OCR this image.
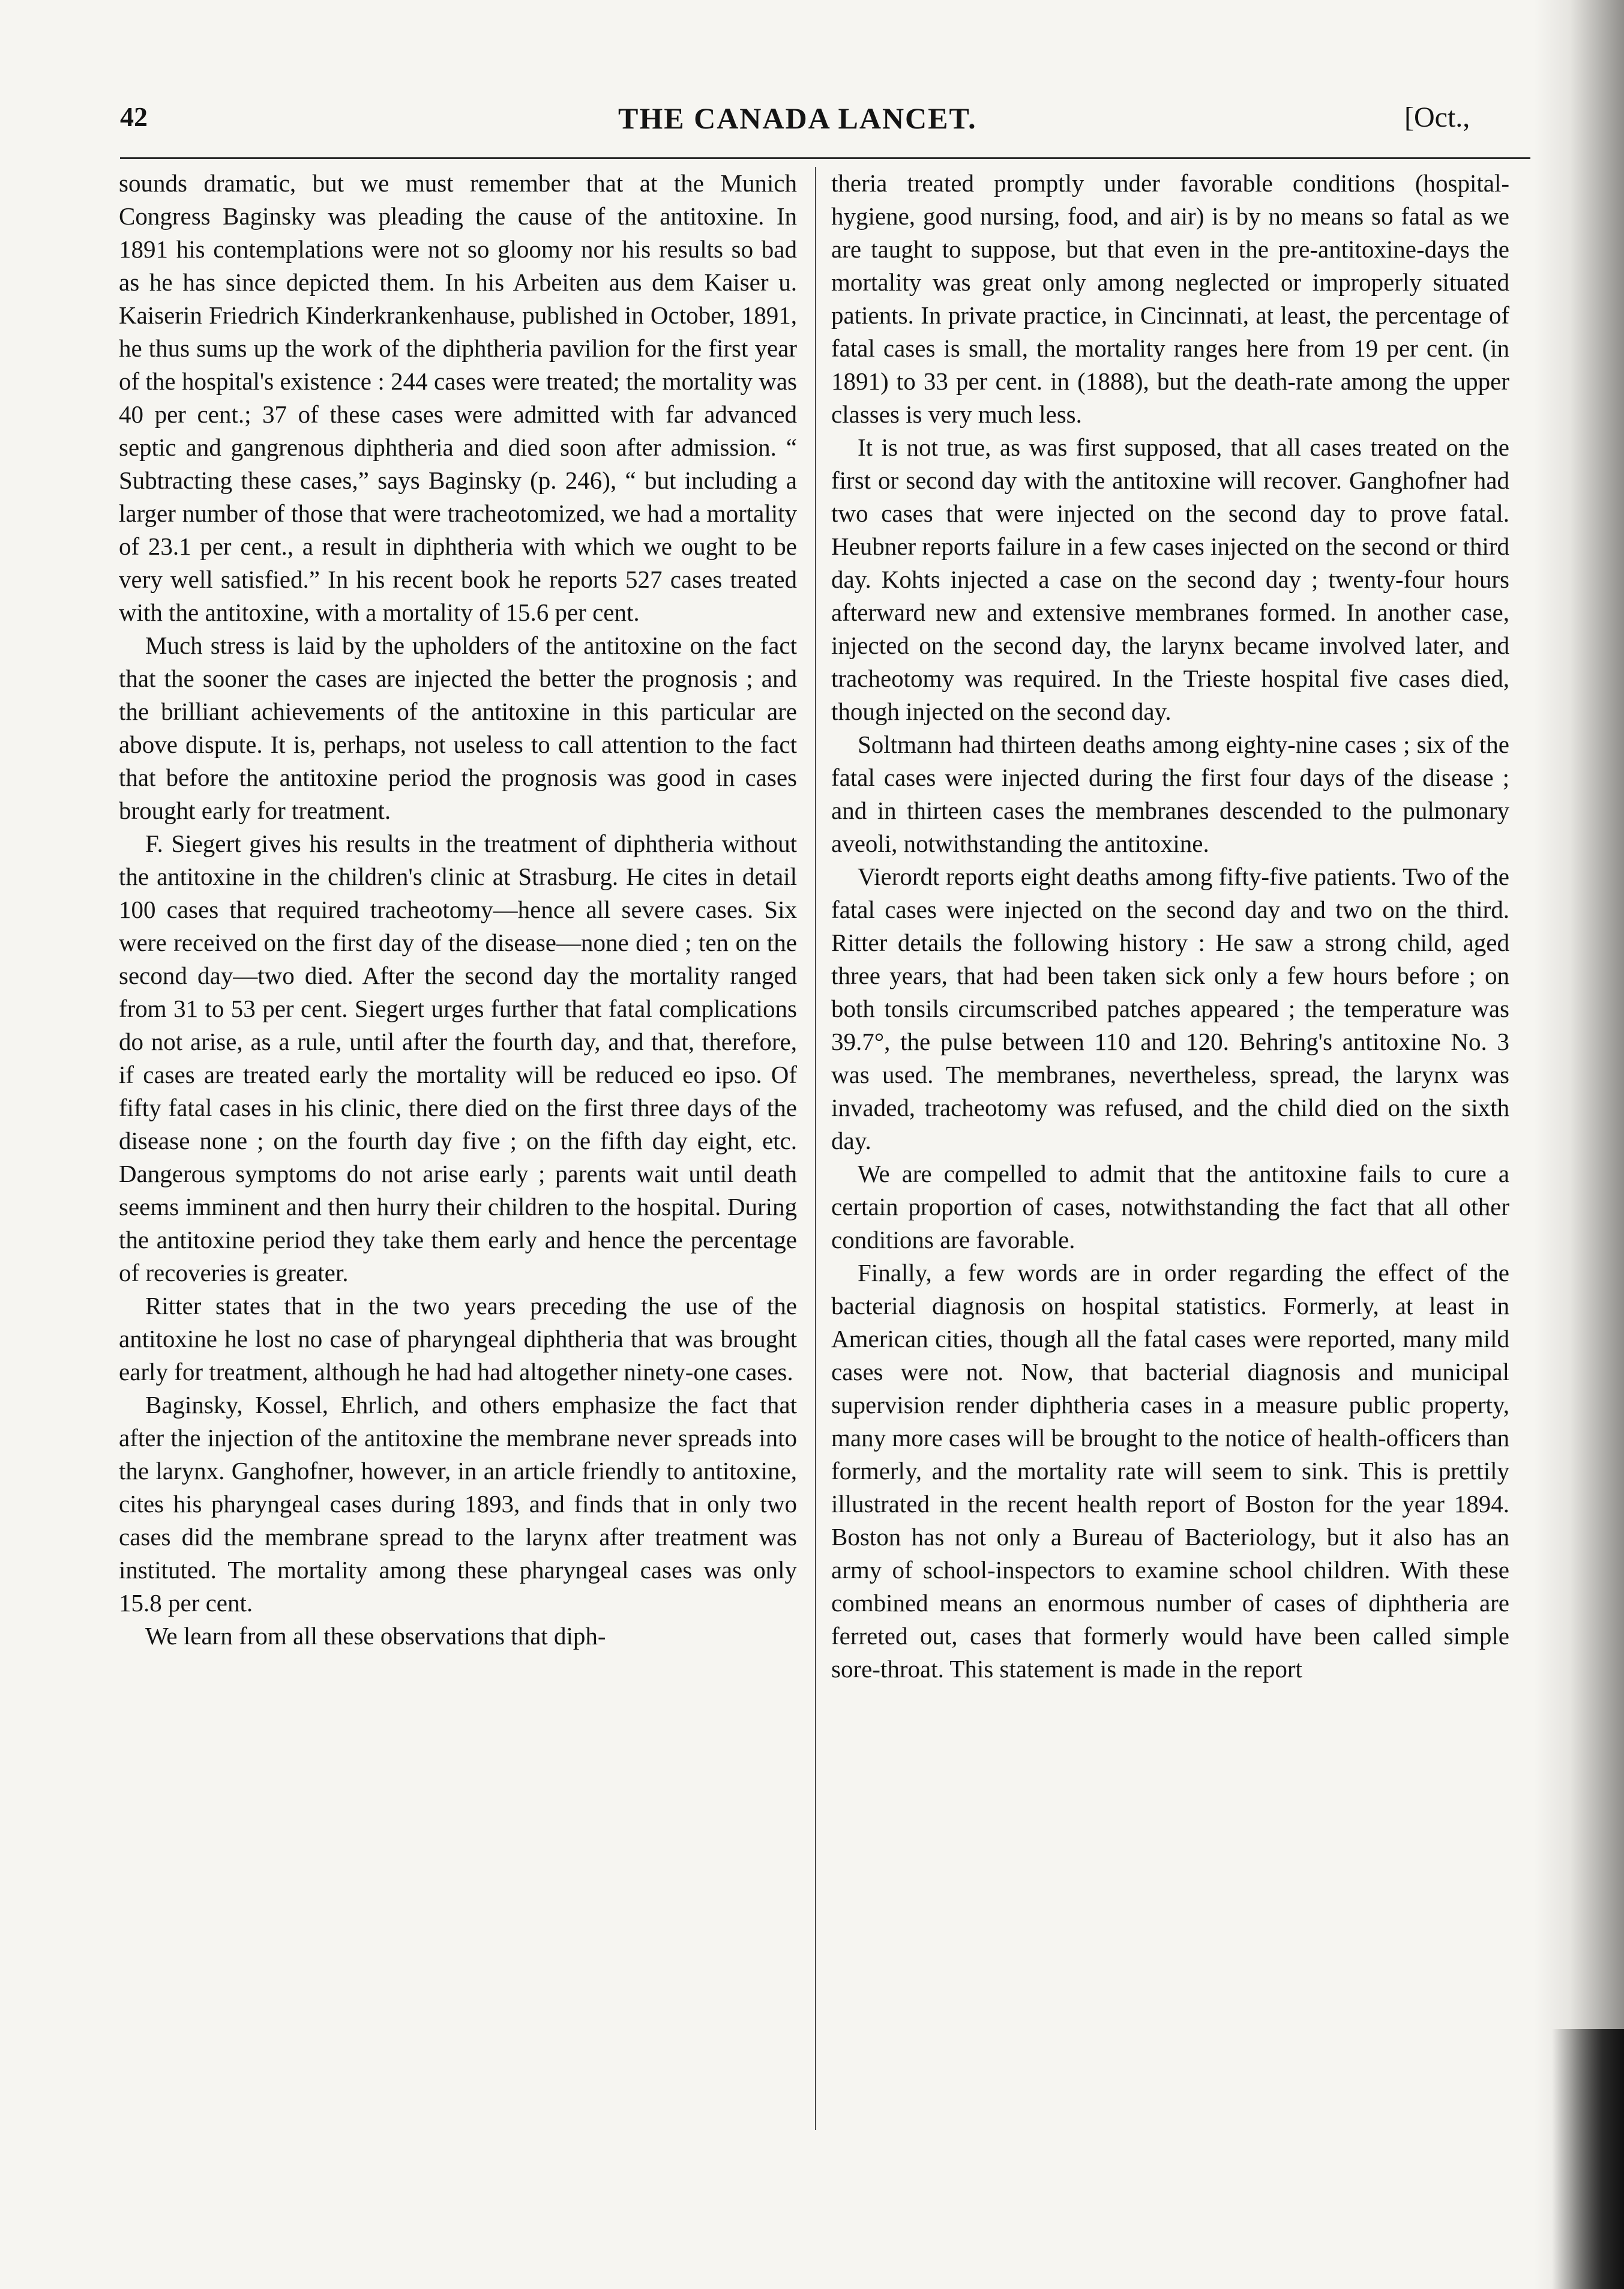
42	THE CANADA LANCET.	[Oct.,

sounds dramatic, but we must remember that at the Munich Congress Baginsky was pleading the cause of the antitoxine. In 1891 his contemplations were not so gloomy nor his results so bad as he has since depicted them. In his Arbeiten aus dem Kaiser u. Kaiserin Friedrich Kinderkrankenhause, published in October, 1891, he thus sums up the work of the diphtheria pavilion for the first year of the hospital's existence : 244 cases were treated; the mortality was 40 per cent.; 37 of these cases were admitted with far advanced septic and gangrenous diphtheria and died soon after admission. “ Subtracting these cases,” says Baginsky (p. 246), “ but including a larger number of those that were tracheotomized, we had a mortality of 23.1 per cent., a result in diphtheria with which we ought to be very well satisfied.” In his recent book he reports 527 cases treated with the antitoxine, with a mortality of 15.6 per cent.

Much stress is laid by the upholders of the antitoxine on the fact that the sooner the cases are injected the better the prognosis ; and the brilliant achievements of the antitoxine in this particular are above dispute. It is, perhaps, not useless to call attention to the fact that before the antitoxine period the prognosis was good in cases brought early for treatment.

F. Siegert gives his results in the treatment of diphtheria without the antitoxine in the children's clinic at Strasburg. He cites in detail 100 cases that required tracheotomy—hence all severe cases. Six were received on the first day of the disease—none died ; ten on the second day—two died. After the second day the mortality ranged from 31 to 53 per cent. Siegert urges further that fatal complications do not arise, as a rule, until after the fourth day, and that, therefore, if cases are treated early the mortality will be reduced eo ipso. Of fifty fatal cases in his clinic, there died on the first three days of the disease none ; on the fourth day five ; on the fifth day eight, etc. Dangerous symptoms do not arise early ; parents wait until death seems imminent and then hurry their children to the hospital. During the antitoxine period they take them early and hence the percentage of recoveries is greater.

Ritter states that in the two years preceding the use of the antitoxine he lost no case of pharyngeal diphtheria that was brought early for treatment, although he had had altogether ninety-one cases.

Baginsky, Kossel, Ehrlich, and others emphasize the fact that after the injection of the antitoxine the membrane never spreads into the larynx. Ganghofner, however, in an article friendly to antitoxine, cites his pharyngeal cases during 1893, and finds that in only two cases did the membrane spread to the larynx after treatment was instituted. The mortality among these pharyngeal cases was only 15.8 per cent.

We learn from all these observations that diph-

theria treated promptly under favorable conditions (hospital-hygiene, good nursing, food, and air) is by no means so fatal as we are taught to suppose, but that even in the pre-antitoxine-days the mortality was great only among neglected or improperly situated patients. In private practice, in Cincinnati, at least, the percentage of fatal cases is small, the mortality ranges here from 19 per cent. (in 1891) to 33 per cent. in (1888), but the death-rate among the upper classes is very much less.

It is not true, as was first supposed, that all cases treated on the first or second day with the antitoxine will recover. Ganghofner had two cases that were injected on the second day to prove fatal. Heubner reports failure in a few cases injected on the second or third day. Kohts injected a case on the second day ; twenty-four hours afterward new and extensive membranes formed. In another case, injected on the second day, the larynx became involved later, and tracheotomy was required. In the Trieste hospital five cases died, though injected on the second day.

Soltmann had thirteen deaths among eighty-nine cases ; six of the fatal cases were injected during the first four days of the disease ; and in thirteen cases the membranes descended to the pulmonary aveoli, notwithstanding the antitoxine.

Vierordt reports eight deaths among fifty-five patients. Two of the fatal cases were injected on the second day and two on the third. Ritter details the following history : He saw a strong child, aged three years, that had been taken sick only a few hours before ; on both tonsils circumscribed patches appeared ; the temperature was 39.7°, the pulse between 110 and 120. Behring's antitoxine No. 3 was used. The membranes, nevertheless, spread, the larynx was invaded, tracheotomy was refused, and the child died on the sixth day.

We are compelled to admit that the antitoxine fails to cure a certain proportion of cases, notwithstanding the fact that all other conditions are favorable.

Finally, a few words are in order regarding the effect of the bacterial diagnosis on hospital statistics. Formerly, at least in American cities, though all the fatal cases were reported, many mild cases were not. Now, that bacterial diagnosis and municipal supervision render diphtheria cases in a measure public property, many more cases will be brought to the notice of health-officers than formerly, and the mortality rate will seem to sink. This is prettily illustrated in the recent health report of Boston for the year 1894. Boston has not only a Bureau of Bacteriology, but it also has an army of school-inspectors to examine school children. With these combined means an enormous number of cases of diphtheria are ferreted out, cases that formerly would have been called simple sore-throat. This statement is made in the report
